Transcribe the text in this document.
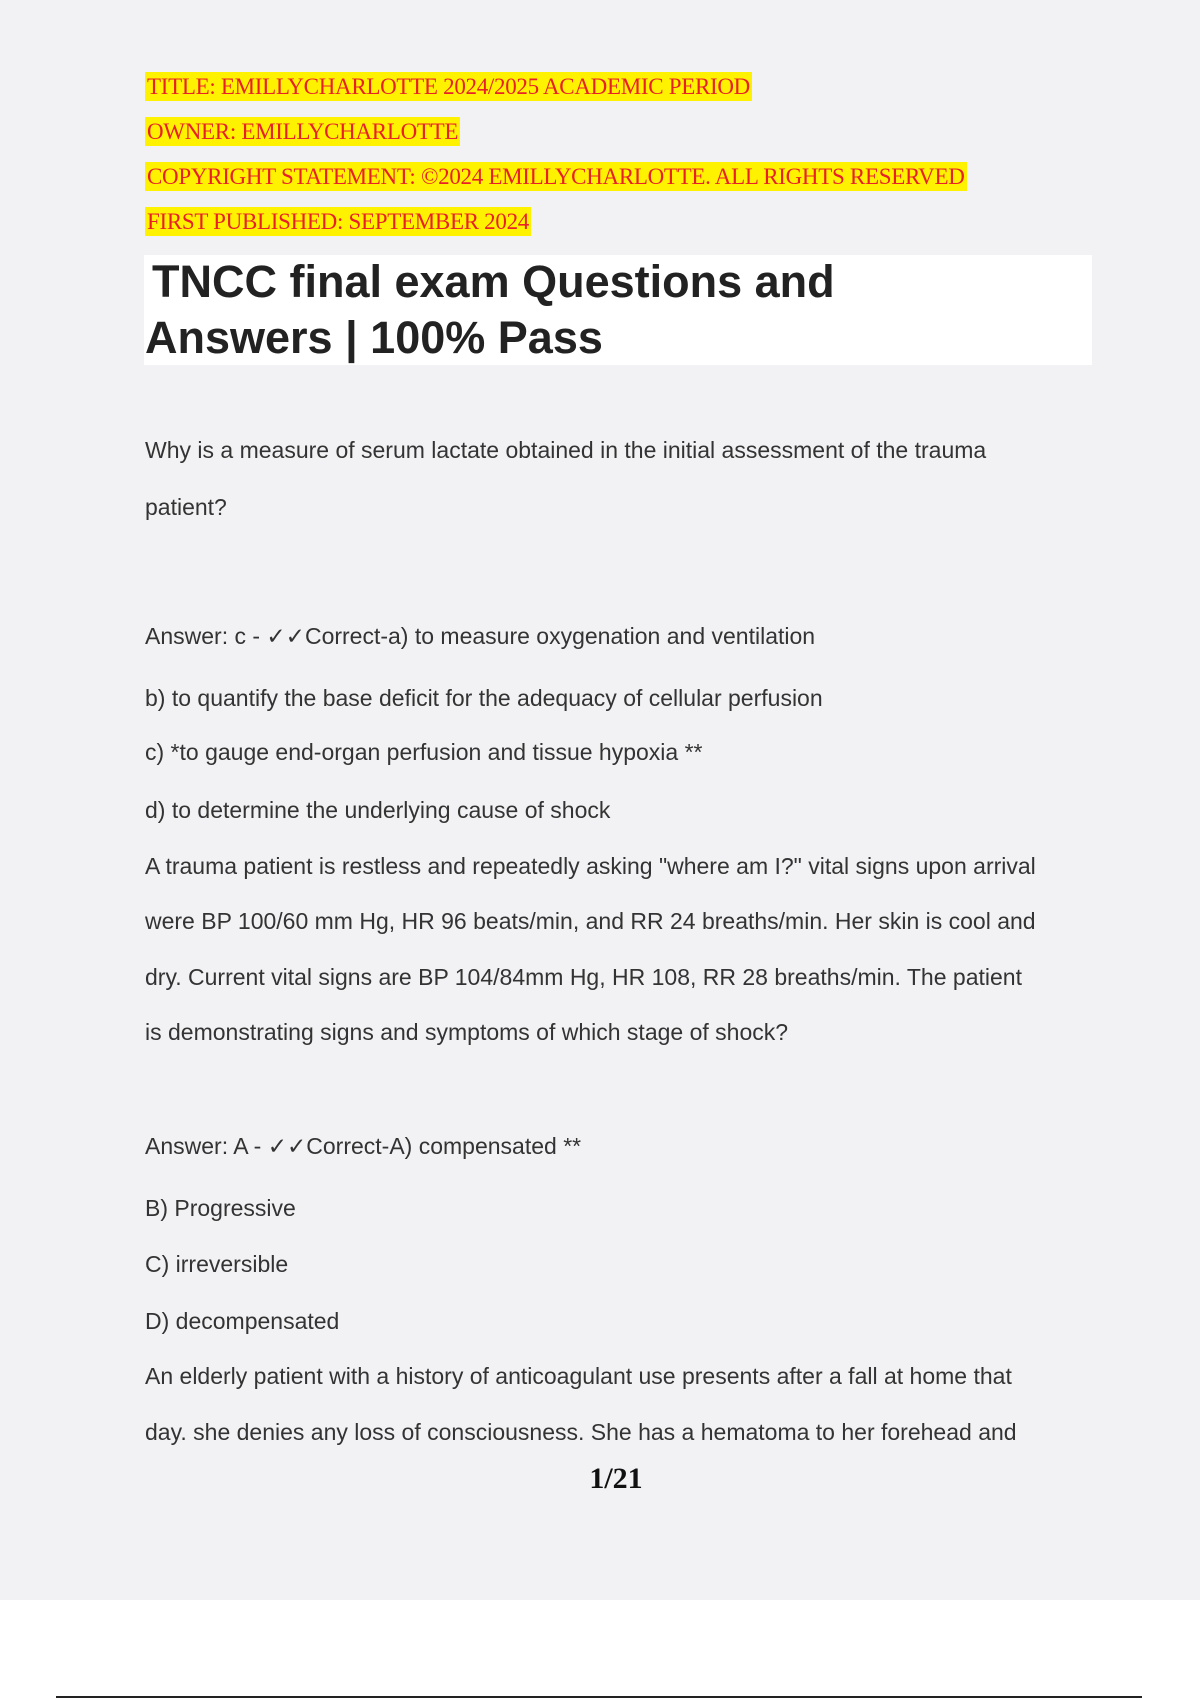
TITLE: EMILLYCHARLOTTE 2024/2025 ACADEMIC PERIOD
OWNER: EMILLYCHARLOTTE
COPYRIGHT STATEMENT: ©2024 EMILLYCHARLOTTE. ALL RIGHTS RESERVED
FIRST PUBLISHED: SEPTEMBER 2024
TNCC final exam Questions and
Answers | 100% Pass
Why is a measure of serum lactate obtained in the initial assessment of the trauma
patient?
Answer: c - ✓✓Correct-a) to measure oxygenation and ventilation
b) to quantify the base deficit for the adequacy of cellular perfusion
c) *to gauge end-organ perfusion and tissue hypoxia **
d) to determine the underlying cause of shock
A trauma patient is restless and repeatedly asking "where am I?" vital signs upon arrival
were BP 100/60 mm Hg, HR 96 beats/min, and RR 24 breaths/min. Her skin is cool and
dry. Current vital signs are BP 104/84mm Hg, HR 108, RR 28 breaths/min. The patient
is demonstrating signs and symptoms of which stage of shock?
Answer: A - ✓✓Correct-A) compensated **
B) Progressive
C) irreversible
D) decompensated
An elderly patient with a history of anticoagulant use presents after a fall at home that
day. she denies any loss of consciousness. She has a hematoma to her forehead and
1/21
